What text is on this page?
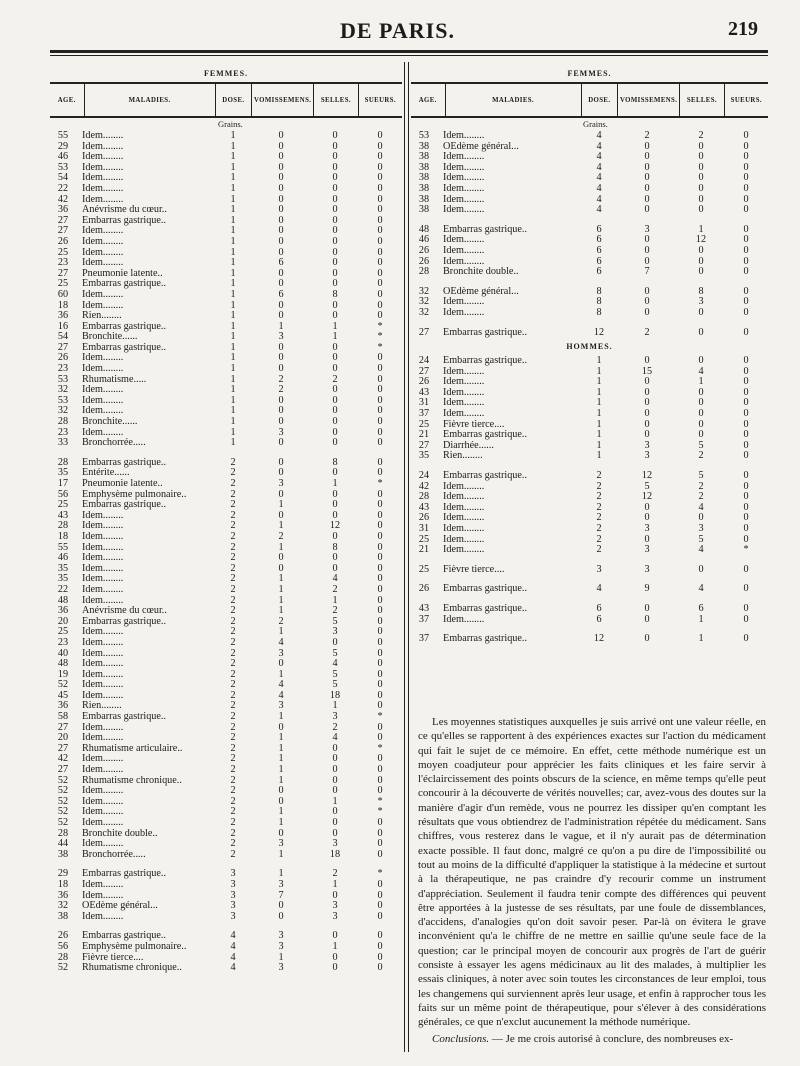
DE PARIS.	219
FEMMES.
AGE.	MALADIES.	DOSE.	VOMISSEMENS.	SELLES.	SUEURS.
Grains.
55	Idem........	1	0	0	0
29	Idem........	1	0	0	0
46	Idem........	1	0	0	0
53	Idem........	1	0	0	0
54	Idem........	1	0	0	0
22	Idem........	1	0	0	0
42	Idem........	1	0	0	0
36	Anévrisme du cœur..	1	0	0	0
27	Embarras gastrique..	1	0	0	0
27	Idem........	1	0	0	0
26	Idem........	1	0	0	0
25	Idem........	1	0	0	0
23	Idem........	1	6	0	0
27	Pneumonie latente..	1	0	0	0
25	Embarras gastrique..	1	0	0	0
60	Idem........	1	6	8	0
18	Idem........	1	0	0	0
36	Rien........	1	0	0	0
16	Embarras gastrique..	1	1	1	*
54	Bronchite......	1	3	1	*
27	Embarras gastrique..	1	0	0	*
26	Idem........	1	0	0	0
23	Idem........	1	0	0	0
53	Rhumatisme.....	1	2	2	0
32	Idem........	1	2	0	0
53	Idem........	1	0	0	0
32	Idem........	1	0	0	0
28	Bronchite......	1	0	0	0
23	Idem........	1	3	0	0
33	Bronchorrée.....	1	0	0	0
28	Embarras gastrique..	2	0	8	0
35	Entérite......	2	0	0	0
17	Pneumonie latente..	2	3	1	*
56	Emphysème pulmonaire..	2	0	0	0
25	Embarras gastrique..	2	1	0	0
43	Idem........	2	0	0	0
28	Idem........	2	1	12	0
18	Idem........	2	2	0	0
55	Idem........	2	1	8	0
46	Idem........	2	0	0	0
35	Idem........	2	0	0	0
35	Idem........	2	1	4	0
22	Idem........	2	1	2	0
48	Idem........	2	1	1	0
36	Anévrisme du cœur..	2	1	2	0
20	Embarras gastrique..	2	2	5	0
25	Idem........	2	1	3	0
23	Idem........	2	4	0	0
40	Idem........	2	3	5	0
48	Idem........	2	0	4	0
19	Idem........	2	1	5	0
52	Idem........	2	4	5	0
45	Idem........	2	4	18	0
36	Rien........	2	3	1	0
58	Embarras gastrique..	2	1	3	*
27	Idem........	2	0	2	0
20	Idem........	2	1	4	0
27	Rhumatisme articulaire..	2	1	0	*
42	Idem........	2	1	0	0
27	Idem........	2	1	0	0
52	Rhumatisme chronique..	2	1	0	0
52	Idem........	2	0	0	0
52	Idem........	2	0	1	*
52	Idem........	2	1	0	*
52	Idem........	2	1	0	0
28	Bronchite double..	2	0	0	0
44	Idem........	2	3	3	0
38	Bronchorrée.....	2	1	18	0
29	Embarras gastrique..	3	1	2	*
18	Idem........	3	3	1	0
36	Idem........	3	7	0	0
32	OEdème général...	3	0	3	0
38	Idem........	3	0	3	0
26	Embarras gastrique..	4	3	0	0
56	Emphysème pulmonaire..	4	3	1	0
28	Fièvre tierce....	4	1	0	0
52	Rhumatisme chronique..	4	3	0	0
FEMMES.
AGE.	MALADIES.	DOSE.	VOMISSEMENS.	SELLES.	SUEURS.
Grains.
53	Idem........	4	2	2	0
38	OEdème général...	4	0	0	0
38	Idem........	4	0	0	0
38	Idem........	4	0	0	0
38	Idem........	4	0	0	0
38	Idem........	4	0	0	0
38	Idem........	4	0	0	0
38	Idem........	4	0	0	0
48	Embarras gastrique..	6	3	1	0
46	Idem........	6	0	12	0
26	Idem........	6	0	0	0
26	Idem........	6	0	0	0
28	Bronchite double..	6	7	0	0
32	OEdème général...	8	0	8	0
32	Idem........	8	0	3	0
32	Idem........	8	0	0	0
27	Embarras gastrique..	12	2	0	0
HOMMES.
24	Embarras gastrique..	1	0	0	0
27	Idem........	1	15	4	0
26	Idem........	1	0	1	0
43	Idem........	1	0	0	0
31	Idem........	1	0	0	0
37	Idem........	1	0	0	0
25	Fièvre tierce....	1	0	0	0
21	Embarras gastrique..	1	0	0	0
27	Diarrhée......	1	3	5	0
35	Rien........	1	3	2	0
24	Embarras gastrique..	2	12	5	0
42	Idem........	2	5	2	0
28	Idem........	2	12	2	0
43	Idem........	2	0	4	0
26	Idem........	2	0	0	0
31	Idem........	2	3	3	0
25	Idem........	2	0	5	0
21	Idem........	2	3	4	*
25	Fièvre tierce....	3	3	0	0
26	Embarras gastrique..	4	9	4	0
43	Embarras gastrique..	6	0	6	0
37	Idem........	6	0	1	0
37	Embarras gastrique..	12	0	1	0

Les moyennes statistiques auxquelles je suis arrivé ont une valeur réelle, en ce qu'elles se rapportent à des expériences exactes sur l'action du médicament qui fait le sujet de ce mémoire. En effet, cette méthode numérique est un moyen coadjuteur pour apprécier les faits cliniques et les faire servir à l'éclaircissement des points obscurs de la science, en même temps qu'elle peut concourir à la découverte de vérités nouvelles; car, avez-vous des doutes sur la manière d'agir d'un remède, vous ne pourrez les dissiper qu'en comptant les résultats que vous obtiendrez de l'administration répétée du médicament. Sans chiffres, vous resterez dans le vague, et il n'y aurait pas de détermination exacte possible. Il faut donc, malgré ce qu'on a pu dire de l'impossibilité ou tout au moins de la difficulté d'appliquer la statistique à la médecine et surtout à la thérapeutique, ne pas craindre d'y recourir comme un instrument d'appréciation. Seulement il faudra tenir compte des différences qui peuvent être apportées à la justesse de ses résultats, par une foule de dissemblances, d'accidens, d'analogies qu'on doit savoir peser. Par-là on évitera le grave inconvénient qu'a le chiffre de ne mettre en saillie qu'une seule face de la question; car le principal moyen de concourir aux progrès de l'art de guérir consiste à essayer les agens médicinaux au lit des malades, à multiplier les essais cliniques, à noter avec soin toutes les circonstances de leur emploi, tous les changemens qui surviennent après leur usage, et enfin à rapprocher tous les faits sur un même point de thérapeutique, pour s'élever à des considérations générales, ce que n'exclut aucunement la méthode numérique.

Conclusions. — Je me crois autorisé à conclure, des nombreuses ex-
